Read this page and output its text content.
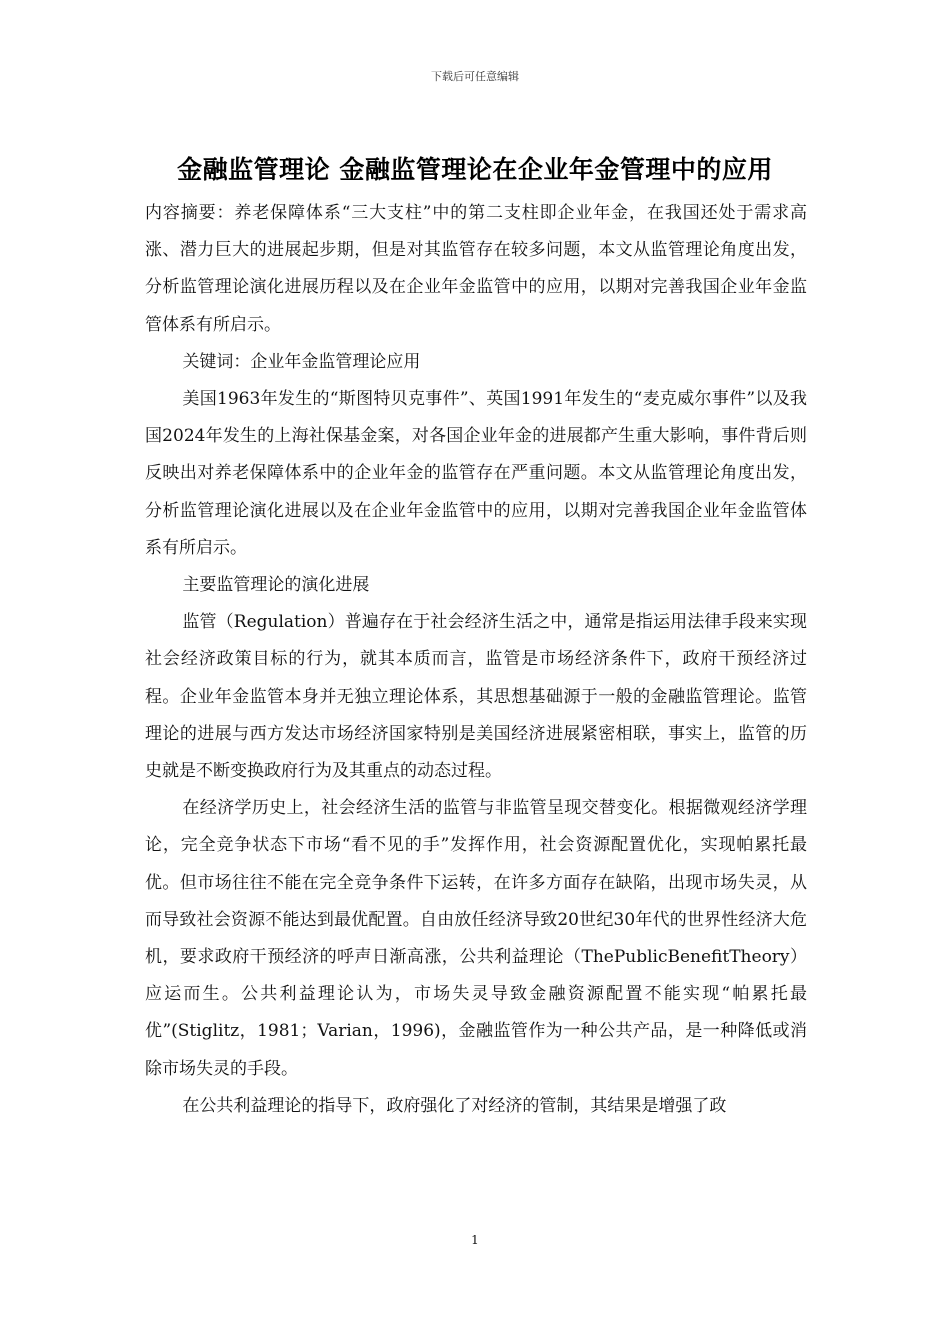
下载后可任意编辑
金融监管理论 金融监管理论在企业年金管理中的应用

内容摘要：养老保障体系“三大支柱”中的第二支柱即企业年金，在我国还处于需求高涨、潜力巨大的进展起步期，但是对其监管存在较多问题，本文从监管理论角度出发，分析监管理论演化进展历程以及在企业年金监管中的应用，以期对完善我国企业年金监管体系有所启示。

关键词：企业年金监管理论应用

美国1963年发生的“斯图特贝克事件”、英国1991年发生的“麦克威尔事件”以及我国2024年发生的上海社保基金案，对各国企业年金的进展都产生重大影响，事件背后则反映出对养老保障体系中的企业年金的监管存在严重问题。本文从监管理论角度出发，分析监管理论演化进展以及在企业年金监管中的应用，以期对完善我国企业年金监管体系有所启示。

主要监管理论的演化进展

监管（Regulation）普遍存在于社会经济生活之中，通常是指运用法律手段来实现社会经济政策目标的行为，就其本质而言，监管是市场经济条件下，政府干预经济过程。企业年金监管本身并无独立理论体系，其思想基础源于一般的金融监管理论。监管理论的进展与西方发达市场经济国家特别是美国经济进展紧密相联，事实上，监管的历史就是不断变换政府行为及其重点的动态过程。

在经济学历史上，社会经济生活的监管与非监管呈现交替变化。根据微观经济学理论，完全竞争状态下市场“看不见的手”发挥作用，社会资源配置优化，实现帕累托最优。但市场往往不能在完全竞争条件下运转，在许多方面存在缺陷，出现市场失灵，从而导致社会资源不能达到最优配置。自由放任经济导致20世纪30年代的世界性经济大危机，要求政府干预经济的呼声日渐高涨，公共利益理论（ThePublicBenefitTheory）应运而生。公共利益理论认为，市场失灵导致金融资源配置不能实现“帕累托最优”(Stiglitz，1981；Varian，1996)，金融监管作为一种公共产品，是一种降低或消除市场失灵的手段。

在公共利益理论的指导下，政府强化了对经济的管制，其结果是增强了政

1
